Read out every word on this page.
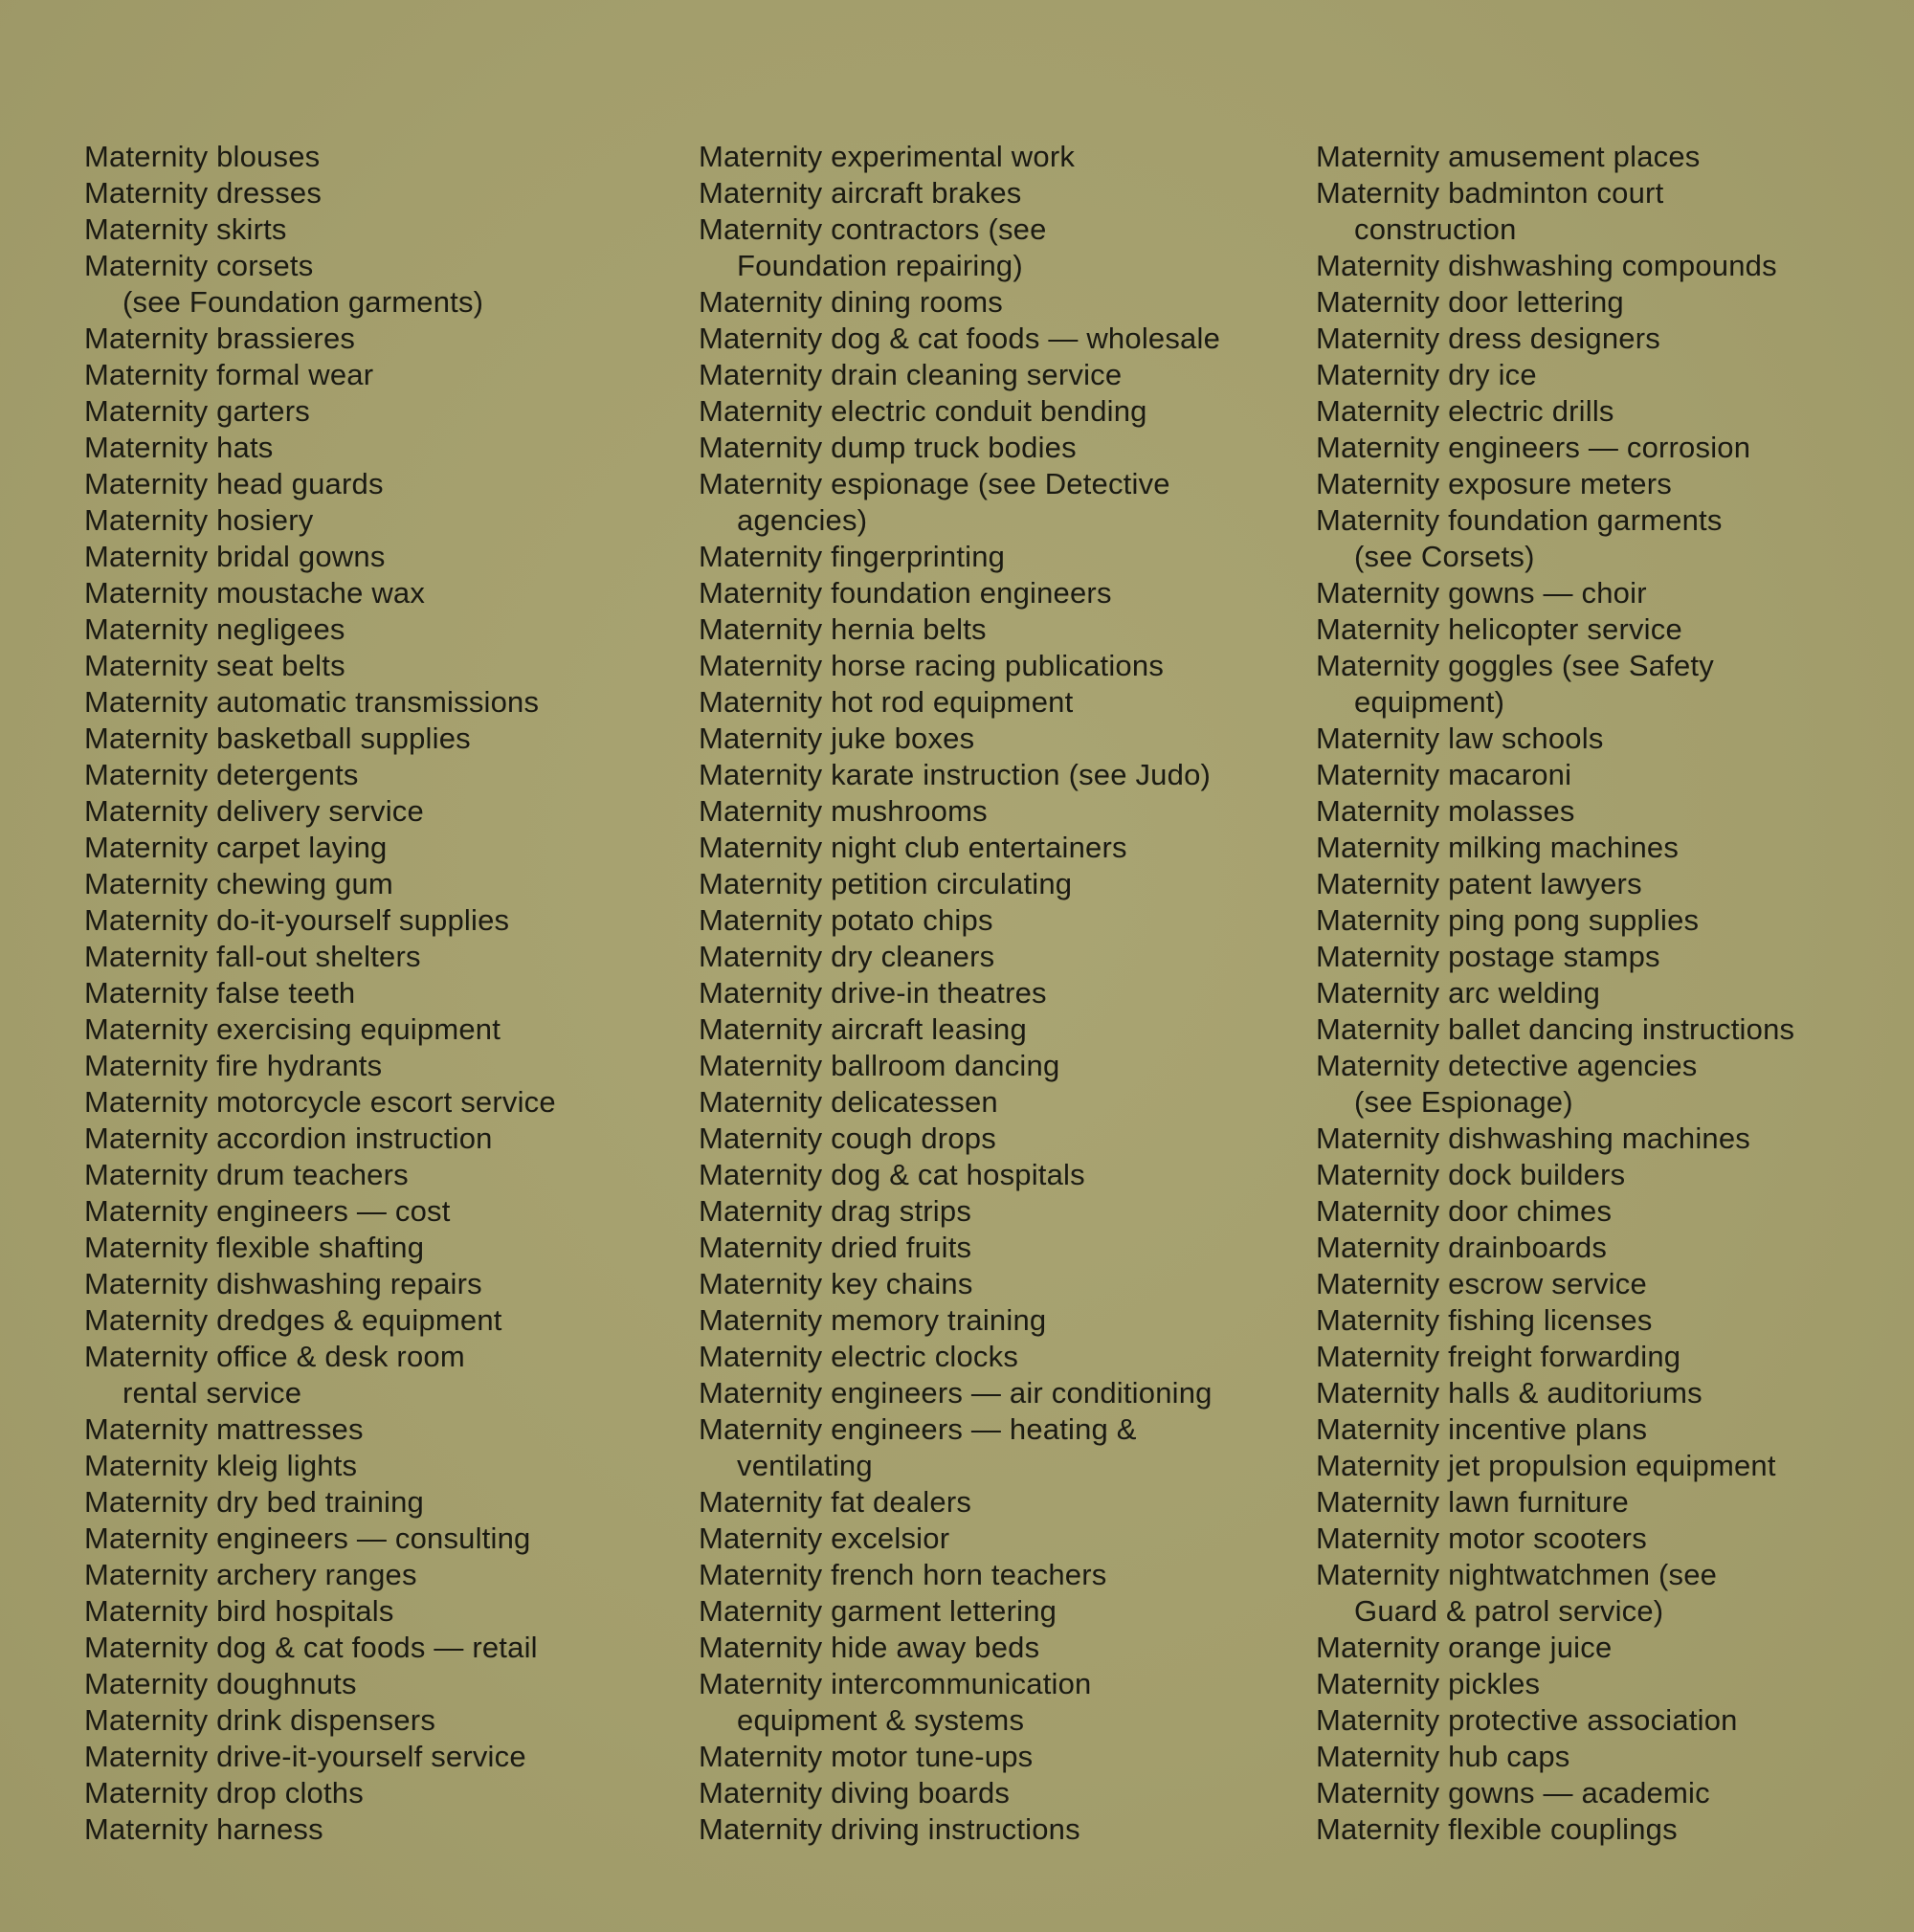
Maternity blouses
Maternity dresses
Maternity skirts
Maternity corsets
(see Foundation garments)
Maternity brassieres
Maternity formal wear
Maternity garters
Maternity hats
Maternity head guards
Maternity hosiery
Maternity bridal gowns
Maternity moustache wax
Maternity negligees
Maternity seat belts
Maternity automatic transmissions
Maternity basketball supplies
Maternity detergents
Maternity delivery service
Maternity carpet laying
Maternity chewing gum
Maternity do-it-yourself supplies
Maternity fall-out shelters
Maternity false teeth
Maternity exercising equipment
Maternity fire hydrants
Maternity motorcycle escort service
Maternity accordion instruction
Maternity drum teachers
Maternity engineers — cost
Maternity flexible shafting
Maternity dishwashing repairs
Maternity dredges & equipment
Maternity office & desk room
rental service
Maternity mattresses
Maternity kleig lights
Maternity dry bed training
Maternity engineers — consulting
Maternity archery ranges
Maternity bird hospitals
Maternity dog & cat foods — retail
Maternity doughnuts
Maternity drink dispensers
Maternity drive-it-yourself service
Maternity drop cloths
Maternity harness
Maternity experimental work
Maternity aircraft brakes
Maternity contractors (see
Foundation repairing)
Maternity dining rooms
Maternity dog & cat foods — wholesale
Maternity drain cleaning service
Maternity electric conduit bending
Maternity dump truck bodies
Maternity espionage (see Detective
agencies)
Maternity fingerprinting
Maternity foundation engineers
Maternity hernia belts
Maternity horse racing publications
Maternity hot rod equipment
Maternity juke boxes
Maternity karate instruction (see Judo)
Maternity mushrooms
Maternity night club entertainers
Maternity petition circulating
Maternity potato chips
Maternity dry cleaners
Maternity drive-in theatres
Maternity aircraft leasing
Maternity ballroom dancing
Maternity delicatessen
Maternity cough drops
Maternity dog & cat hospitals
Maternity drag strips
Maternity dried fruits
Maternity key chains
Maternity memory training
Maternity electric clocks
Maternity engineers — air conditioning
Maternity engineers — heating &
ventilating
Maternity fat dealers
Maternity excelsior
Maternity french horn teachers
Maternity garment lettering
Maternity hide away beds
Maternity intercommunication
equipment & systems
Maternity motor tune-ups
Maternity diving boards
Maternity driving instructions
Maternity amusement places
Maternity badminton court
construction
Maternity dishwashing compounds
Maternity door lettering
Maternity dress designers
Maternity dry ice
Maternity electric drills
Maternity engineers — corrosion
Maternity exposure meters
Maternity foundation garments
(see Corsets)
Maternity gowns — choir
Maternity helicopter service
Maternity goggles (see Safety
equipment)
Maternity law schools
Maternity macaroni
Maternity molasses
Maternity milking machines
Maternity patent lawyers
Maternity ping pong supplies
Maternity postage stamps
Maternity arc welding
Maternity ballet dancing instructions
Maternity detective agencies
(see Espionage)
Maternity dishwashing machines
Maternity dock builders
Maternity door chimes
Maternity drainboards
Maternity escrow service
Maternity fishing licenses
Maternity freight forwarding
Maternity halls & auditoriums
Maternity incentive plans
Maternity jet propulsion equipment
Maternity lawn furniture
Maternity motor scooters
Maternity nightwatchmen (see
Guard & patrol service)
Maternity orange juice
Maternity pickles
Maternity protective association
Maternity hub caps
Maternity gowns — academic
Maternity flexible couplings
